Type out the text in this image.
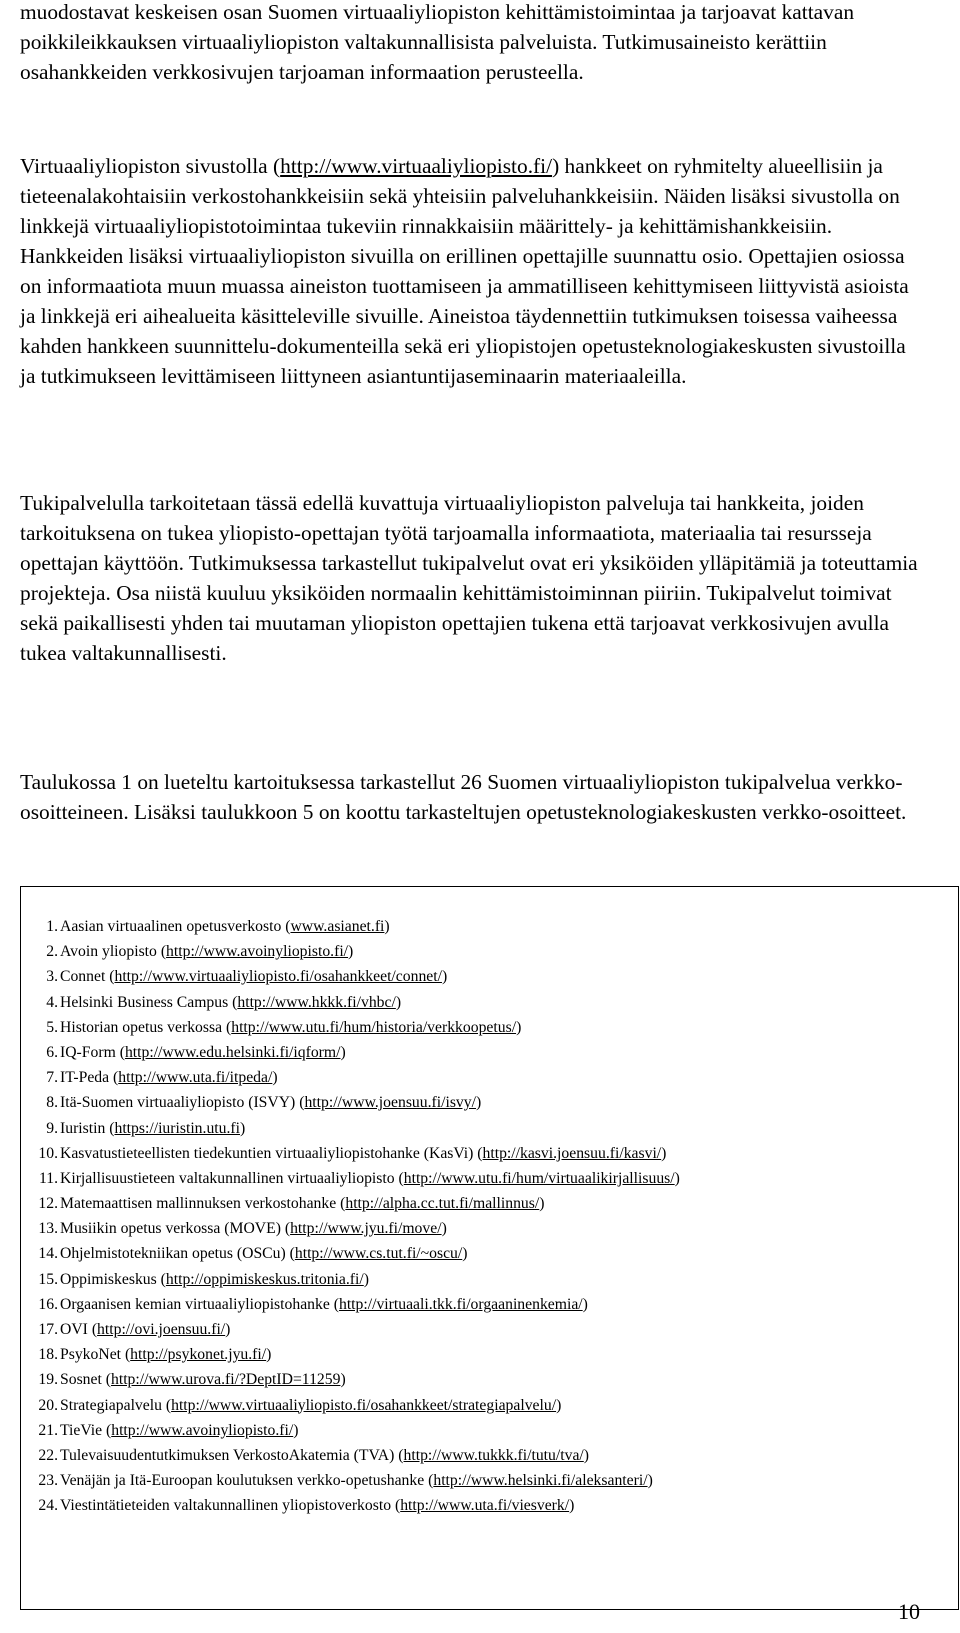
muodostavat keskeisen osan Suomen virtuaaliyliopiston kehittämistoimintaa ja tarjoavat kattavan poikkileikkauksen virtuaaliyliopiston valtakunnallisista palveluista. Tutkimusaineisto kerättiin osahankkeiden verkkosivujen tarjoaman informaation perusteella.

Virtuaaliyliopiston sivustolla (http://www.virtuaaliyliopisto.fi/) hankkeet on ryhmitelty alueellisiin ja tieteenalakohtaisiin verkostohankkeisiin sekä yhteisiin palveluhankkeisiin. Näiden lisäksi sivustolla on linkkejä virtuaaliyliopistotoimintaa tukeviin rinnakkaisiin määrittely- ja kehittämishankkeisiin. Hankkeiden lisäksi virtuaaliyliopiston sivuilla on erillinen opettajille suunnattu osio. Opettajien osiossa on informaatiota muun muassa aineiston tuottamiseen ja ammatilliseen kehittymiseen liittyvistä asioista ja linkkejä eri aihealueita käsitteleville sivuille. Aineistoa täydennettiin tutkimuksen toisessa vaiheessa kahden hankkeen suunnittelu-dokumenteilla sekä eri yliopistojen opetusteknologiakeskusten sivustoilla ja tutkimukseen levittämiseen liittyneen asiantuntijaseminaarin materiaaleilla.

Tukipalvelulla tarkoitetaan tässä edellä kuvattuja virtuaaliyliopiston palveluja tai hankkeita, joiden tarkoituksena on tukea yliopisto-opettajan työtä tarjoamalla informaatiota, materiaalia tai resursseja opettajan käyttöön. Tutkimuksessa tarkastellut tukipalvelut ovat eri yksiköiden ylläpitämiä ja toteuttamia projekteja. Osa niistä kuuluu yksiköiden normaalin kehittämistoiminnan piiriin. Tukipalvelut toimivat sekä paikallisesti yhden tai muutaman yliopiston opettajien tukena että tarjoavat verkkosivujen avulla tukea valtakunnallisesti.

Taulukossa 1 on lueteltu kartoituksessa tarkastellut 26 Suomen virtuaaliyliopiston tukipalvelua verkko-osoitteineen. Lisäksi taulukkoon 5 on koottu tarkasteltujen opetusteknologiakeskusten verkko-osoitteet.

1. Aasian virtuaalinen opetusverkosto (www.asianet.fi)
2. Avoin yliopisto (http://www.avoinyliopisto.fi/)
3. Connet (http://www.virtuaaliyliopisto.fi/osahankkeet/connet/)
4. Helsinki Business Campus (http://www.hkkk.fi/vhbc/)
5. Historian opetus verkossa (http://www.utu.fi/hum/historia/verkkoopetus/)
6. IQ-Form (http://www.edu.helsinki.fi/iqform/)
7. IT-Peda (http://www.uta.fi/itpeda/)
8. Itä-Suomen virtuaaliyliopisto (ISVY) (http://www.joensuu.fi/isvy/)
9. Iuristin (https://iuristin.utu.fi)
10. Kasvatustieteellisten tiedekuntien virtuaaliyliopistohanke (KasVi) (http://kasvi.joensuu.fi/kasvi/)
11. Kirjallisuustieteen valtakunnallinen virtuaaliyliopisto (http://www.utu.fi/hum/virtuaalikirjallisuus/)
12. Matemaattisen mallinnuksen verkostohanke (http://alpha.cc.tut.fi/mallinnus/)
13. Musiikin opetus verkossa (MOVE) (http://www.jyu.fi/move/)
14. Ohjelmistotekniikan opetus (OSCu) (http://www.cs.tut.fi/~oscu/)
15. Oppimiskeskus (http://oppimiskeskus.tritonia.fi/)
16. Orgaanisen kemian virtuaaliyliopistohanke (http://virtuaali.tkk.fi/orgaaninenkemia/)
17. OVI (http://ovi.joensuu.fi/)
18. PsykoNet (http://psykonet.jyu.fi/)
19. Sosnet (http://www.urova.fi/?DeptID=11259)
20. Strategiapalvelu (http://www.virtuaaliyliopisto.fi/osahankkeet/strategiapalvelu/)
21. TieVie (http://www.avoinyliopisto.fi/)
22. Tulevaisuudentutkimuksen VerkostoAkatemia (TVA) (http://www.tukkk.fi/tutu/tva/)
23. Venäjän ja Itä-Euroopan koulutuksen verkko-opetushanke (http://www.helsinki.fi/aleksanteri/)
24. Viestintätieteiden valtakunnallinen yliopistoverkosto (http://www.uta.fi/viesverk/)
10
